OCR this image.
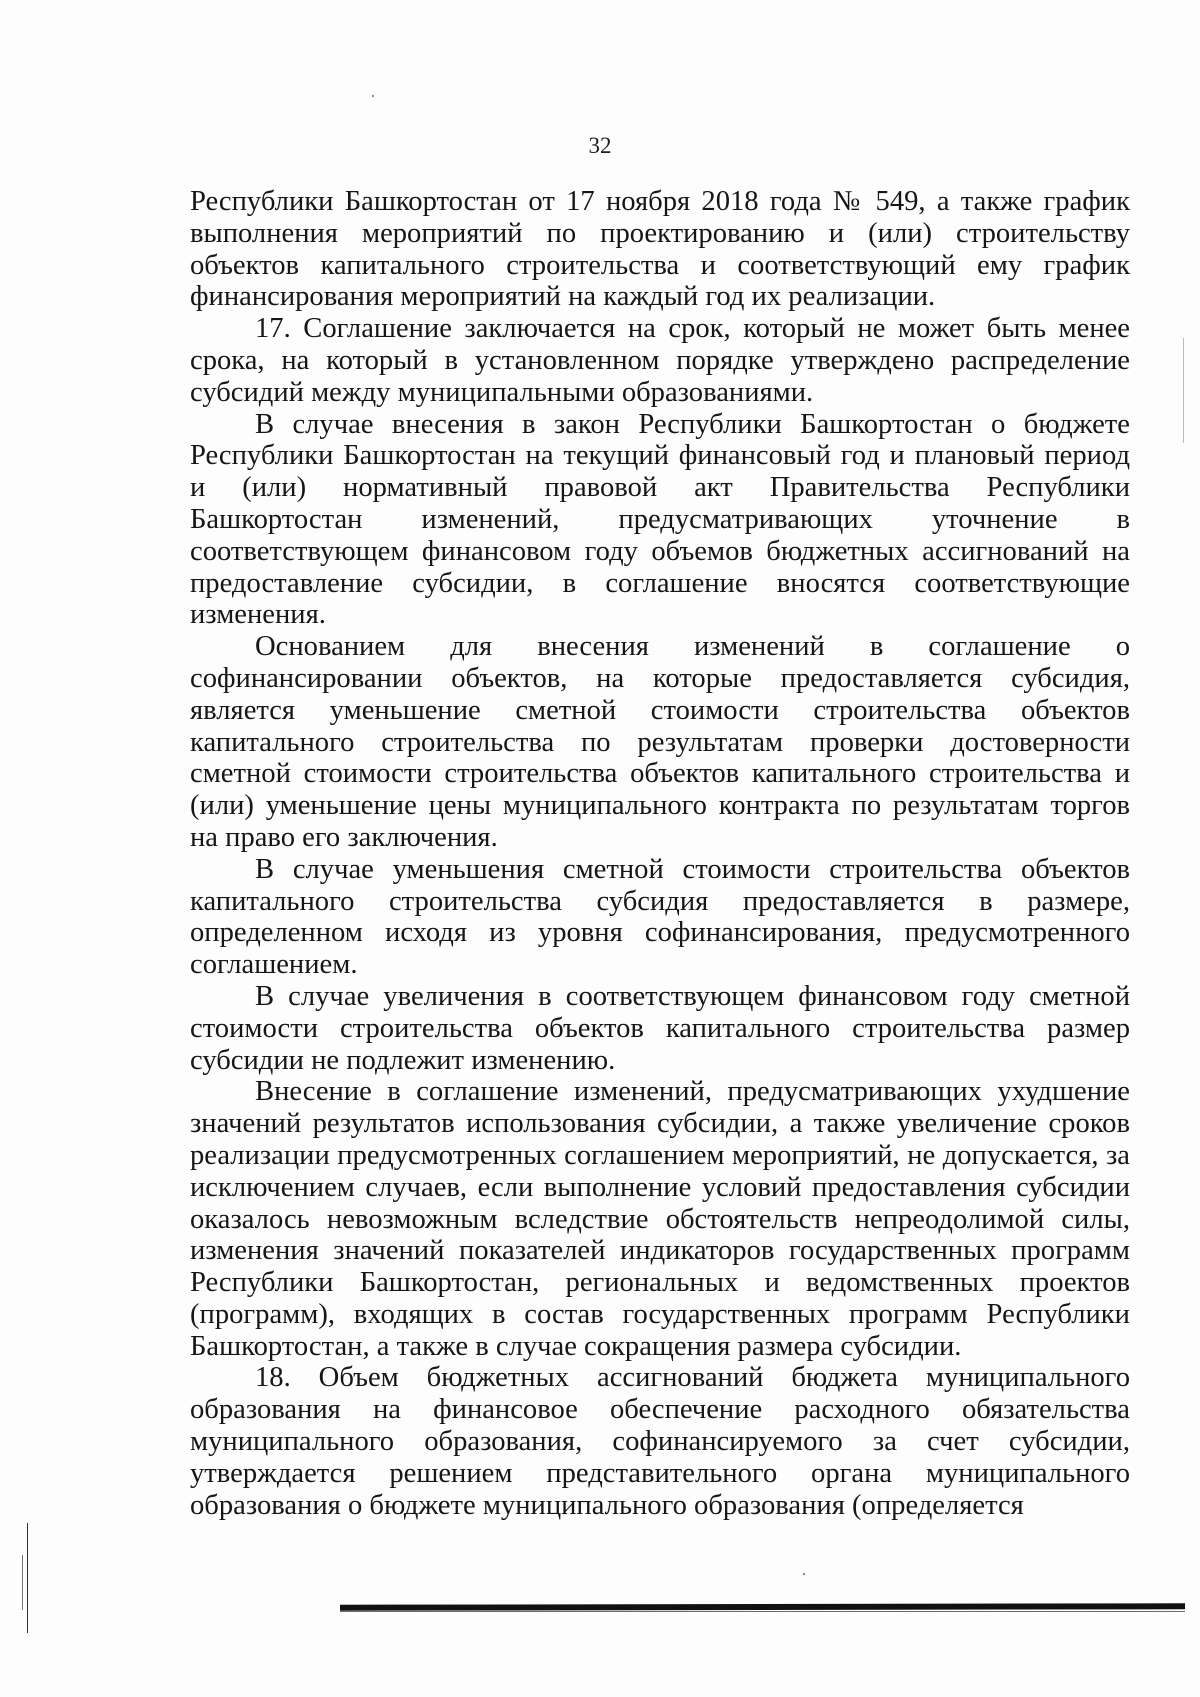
32

Республики Башкортостан от 17 ноября 2018 года № 549, а также график выполнения мероприятий по проектированию и (или) строительству объектов капитального строительства и соответствующий ему график финансирования мероприятий на каждый год их реализации.

17. Соглашение заключается на срок, который не может быть менее срока, на который в установленном порядке утверждено распределение субсидий между муниципальными образованиями.

В случае внесения в закон Республики Башкортостан о бюджете Республики Башкортостан на текущий финансовый год и плановый период и (или) нормативный правовой акт Правительства Республики Башкортостан изменений, предусматривающих уточнение в соответствующем финансовом году объемов бюджетных ассигнований на предоставление субсидии, в соглашение вносятся соответствующие изменения.

Основанием для внесения изменений в соглашение о софинансировании объектов, на которые предоставляется субсидия, является уменьшение сметной стоимости строительства объектов капитального строительства по результатам проверки достоверности сметной стоимости строительства объектов капитального строительства и (или) уменьшение цены муниципального контракта по результатам торгов на право его заключения.

В случае уменьшения сметной стоимости строительства объектов капитального строительства субсидия предоставляется в размере, определенном исходя из уровня софинансирования, предусмотренного соглашением.

В случае увеличения в соответствующем финансовом году сметной стоимости строительства объектов капитального строительства размер субсидии не подлежит изменению.

Внесение в соглашение изменений, предусматривающих ухудшение значений результатов использования субсидии, а также увеличение сроков реализации предусмотренных соглашением мероприятий, не допускается, за исключением случаев, если выполнение условий предоставления субсидии оказалось невозможным вследствие обстоятельств непреодолимой силы, изменения значений показателей индикаторов государственных программ Республики Башкортостан, региональных и ведомственных проектов (программ), входящих в состав государственных программ Республики Башкортостан, а также в случае сокращения размера субсидии.

18. Объем бюджетных ассигнований бюджета муниципального образования на финансовое обеспечение расходного обязательства муниципального образования, софинансируемого за счет субсидии, утверждается решением представительного органа муниципального образования о бюджете муниципального образования (определяется
